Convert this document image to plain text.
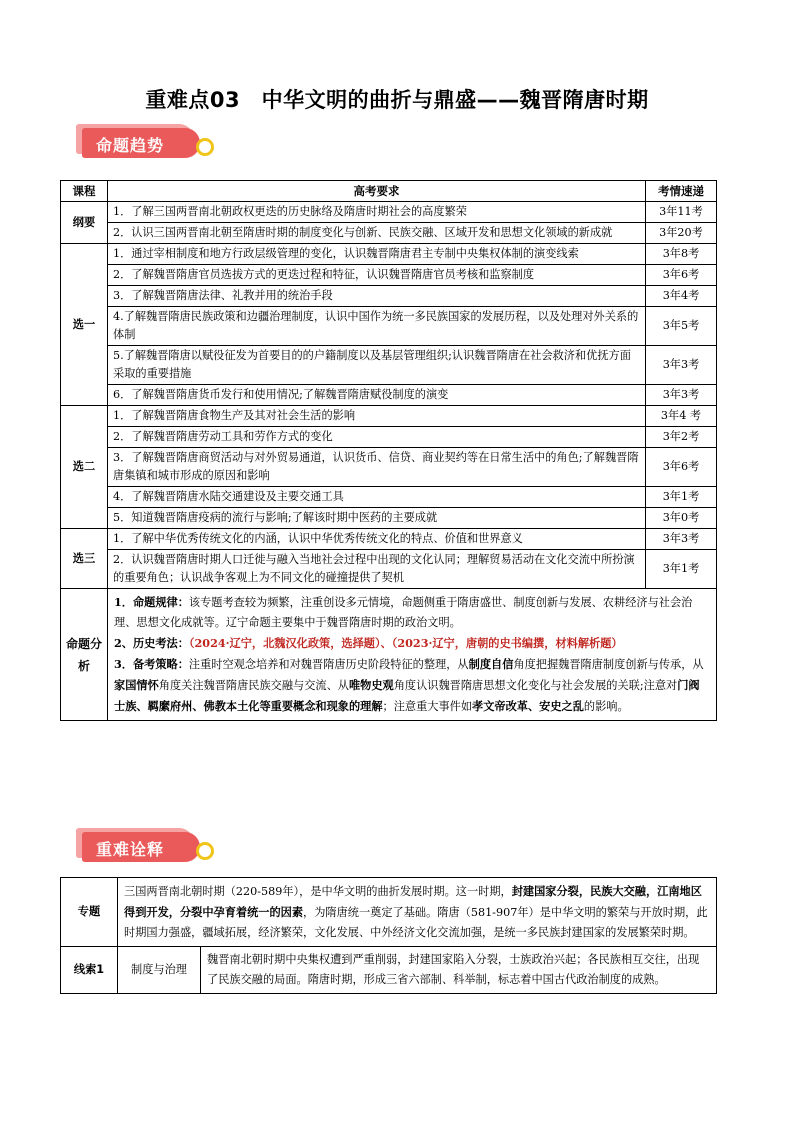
重难点03　中华文明的曲折与鼎盛——魏晋隋唐时期
命题趋势
课程	高考要求	考情速递
纲要	1．了解三国两晋南北朝政权更迭的历史脉络及隋唐时期社会的高度繁荣	3年11考
	2．认识三国两晋南北朝至隋唐时期的制度变化与创新、民族交融、区域开发和思想文化领域的新成就	3年20考
选一	1．通过宰相制度和地方行政层级管理的变化，认识魏晋隋唐君主专制中央集权体制的演变线索	3年8考
	2．了解魏晋隋唐官员选拔方式的更迭过程和特征，认识魏晋隋唐官员考核和监察制度	3年6考
	3．了解魏晋隋唐法律、礼教并用的统治手段	3年4考
	4.了解魏晋隋唐民族政策和边疆治理制度，认识中国作为统一多民族国家的发展历程，以及处理对外关系的体制	3年5考
	5.了解魏晋隋唐以赋役征发为首要目的的户籍制度以及基层管理组织;认识魏晋隋唐在社会救济和优抚方面采取的重要措施	3年3考
	6．了解魏晋隋唐货币发行和使用情况;了解魏晋隋唐赋役制度的演变	3年3考
选二	1．了解魏晋隋唐食物生产及其对社会生活的影响	3年4 考
	2．了解魏晋隋唐劳动工具和劳作方式的变化	3年2考
	3．了解魏晋隋唐商贸活动与对外贸易通道，认识货币、信贷、商业契约等在日常生活中的角色;了解魏晋隋唐集镇和城市形成的原因和影响	3年6考
	4．了解魏晋隋唐水陆交通建设及主要交通工具	3年1考
	5．知道魏晋隋唐疫病的流行与影响;了解该时期中医药的主要成就	3年0考
选三	1．了解中华优秀传统文化的内涵，认识中华优秀传统文化的特点、价值和世界意义	3年3考
	2．认识魏晋隋唐时期人口迁徙与融入当地社会过程中出现的文化认同；理解贸易活动在文化交流中所扮演的重要角色；认识战争客观上为不同文化的碰撞提供了契机	3年1考
命题分析	1．命题规律：该专题考查较为频繁，注重创设多元情境，命题侧重于隋唐盛世、制度创新与发展、农耕经济与社会治理、思想文化成就等。辽宁命题主要集中于魏晋隋唐时期的政治文明。

2、历史考法：（2024·辽宁，北魏汉化政策，选择题）、（2023·辽宁，唐朝的史书编撰，材料解析题）

3．备考策略：注重时空观念培养和对魏晋隋唐历史阶段特征的整理，从制度自信角度把握魏晋隋唐制度创新与传承，从家国情怀角度关注魏晋隋唐民族交融与交流、从唯物史观角度认识魏晋隋唐思想文化变化与社会发展的关联;注意对门阀士族、羁縻府州、佛教本土化等重要概念和现象的理解；注意重大事件如孝文帝改革、安史之乱的影响。	

重难诠释
专题	三国两晋南北朝时期（220-589年），是中华文明的曲折发展时期。这一时期，封建国家分裂，民族大交融，江南地区得到开发，分裂中孕育着统一的因素，为隋唐统一奠定了基础。隋唐（581-907年）是中华文明的繁荣与开放时期，此时期国力强盛，疆域拓展，经济繁荣，文化发展、中外经济文化交流加强，是统一多民族封建国家的发展繁荣时期。	
线索1	制度与治理	魏晋南北朝时期中央集权遭到严重削弱，封建国家陷入分裂，士族政治兴起；各民族相互交往，出现了民族交融的局面。隋唐时期，形成三省六部制、科举制，标志着中国古代政治制度的成熟。
